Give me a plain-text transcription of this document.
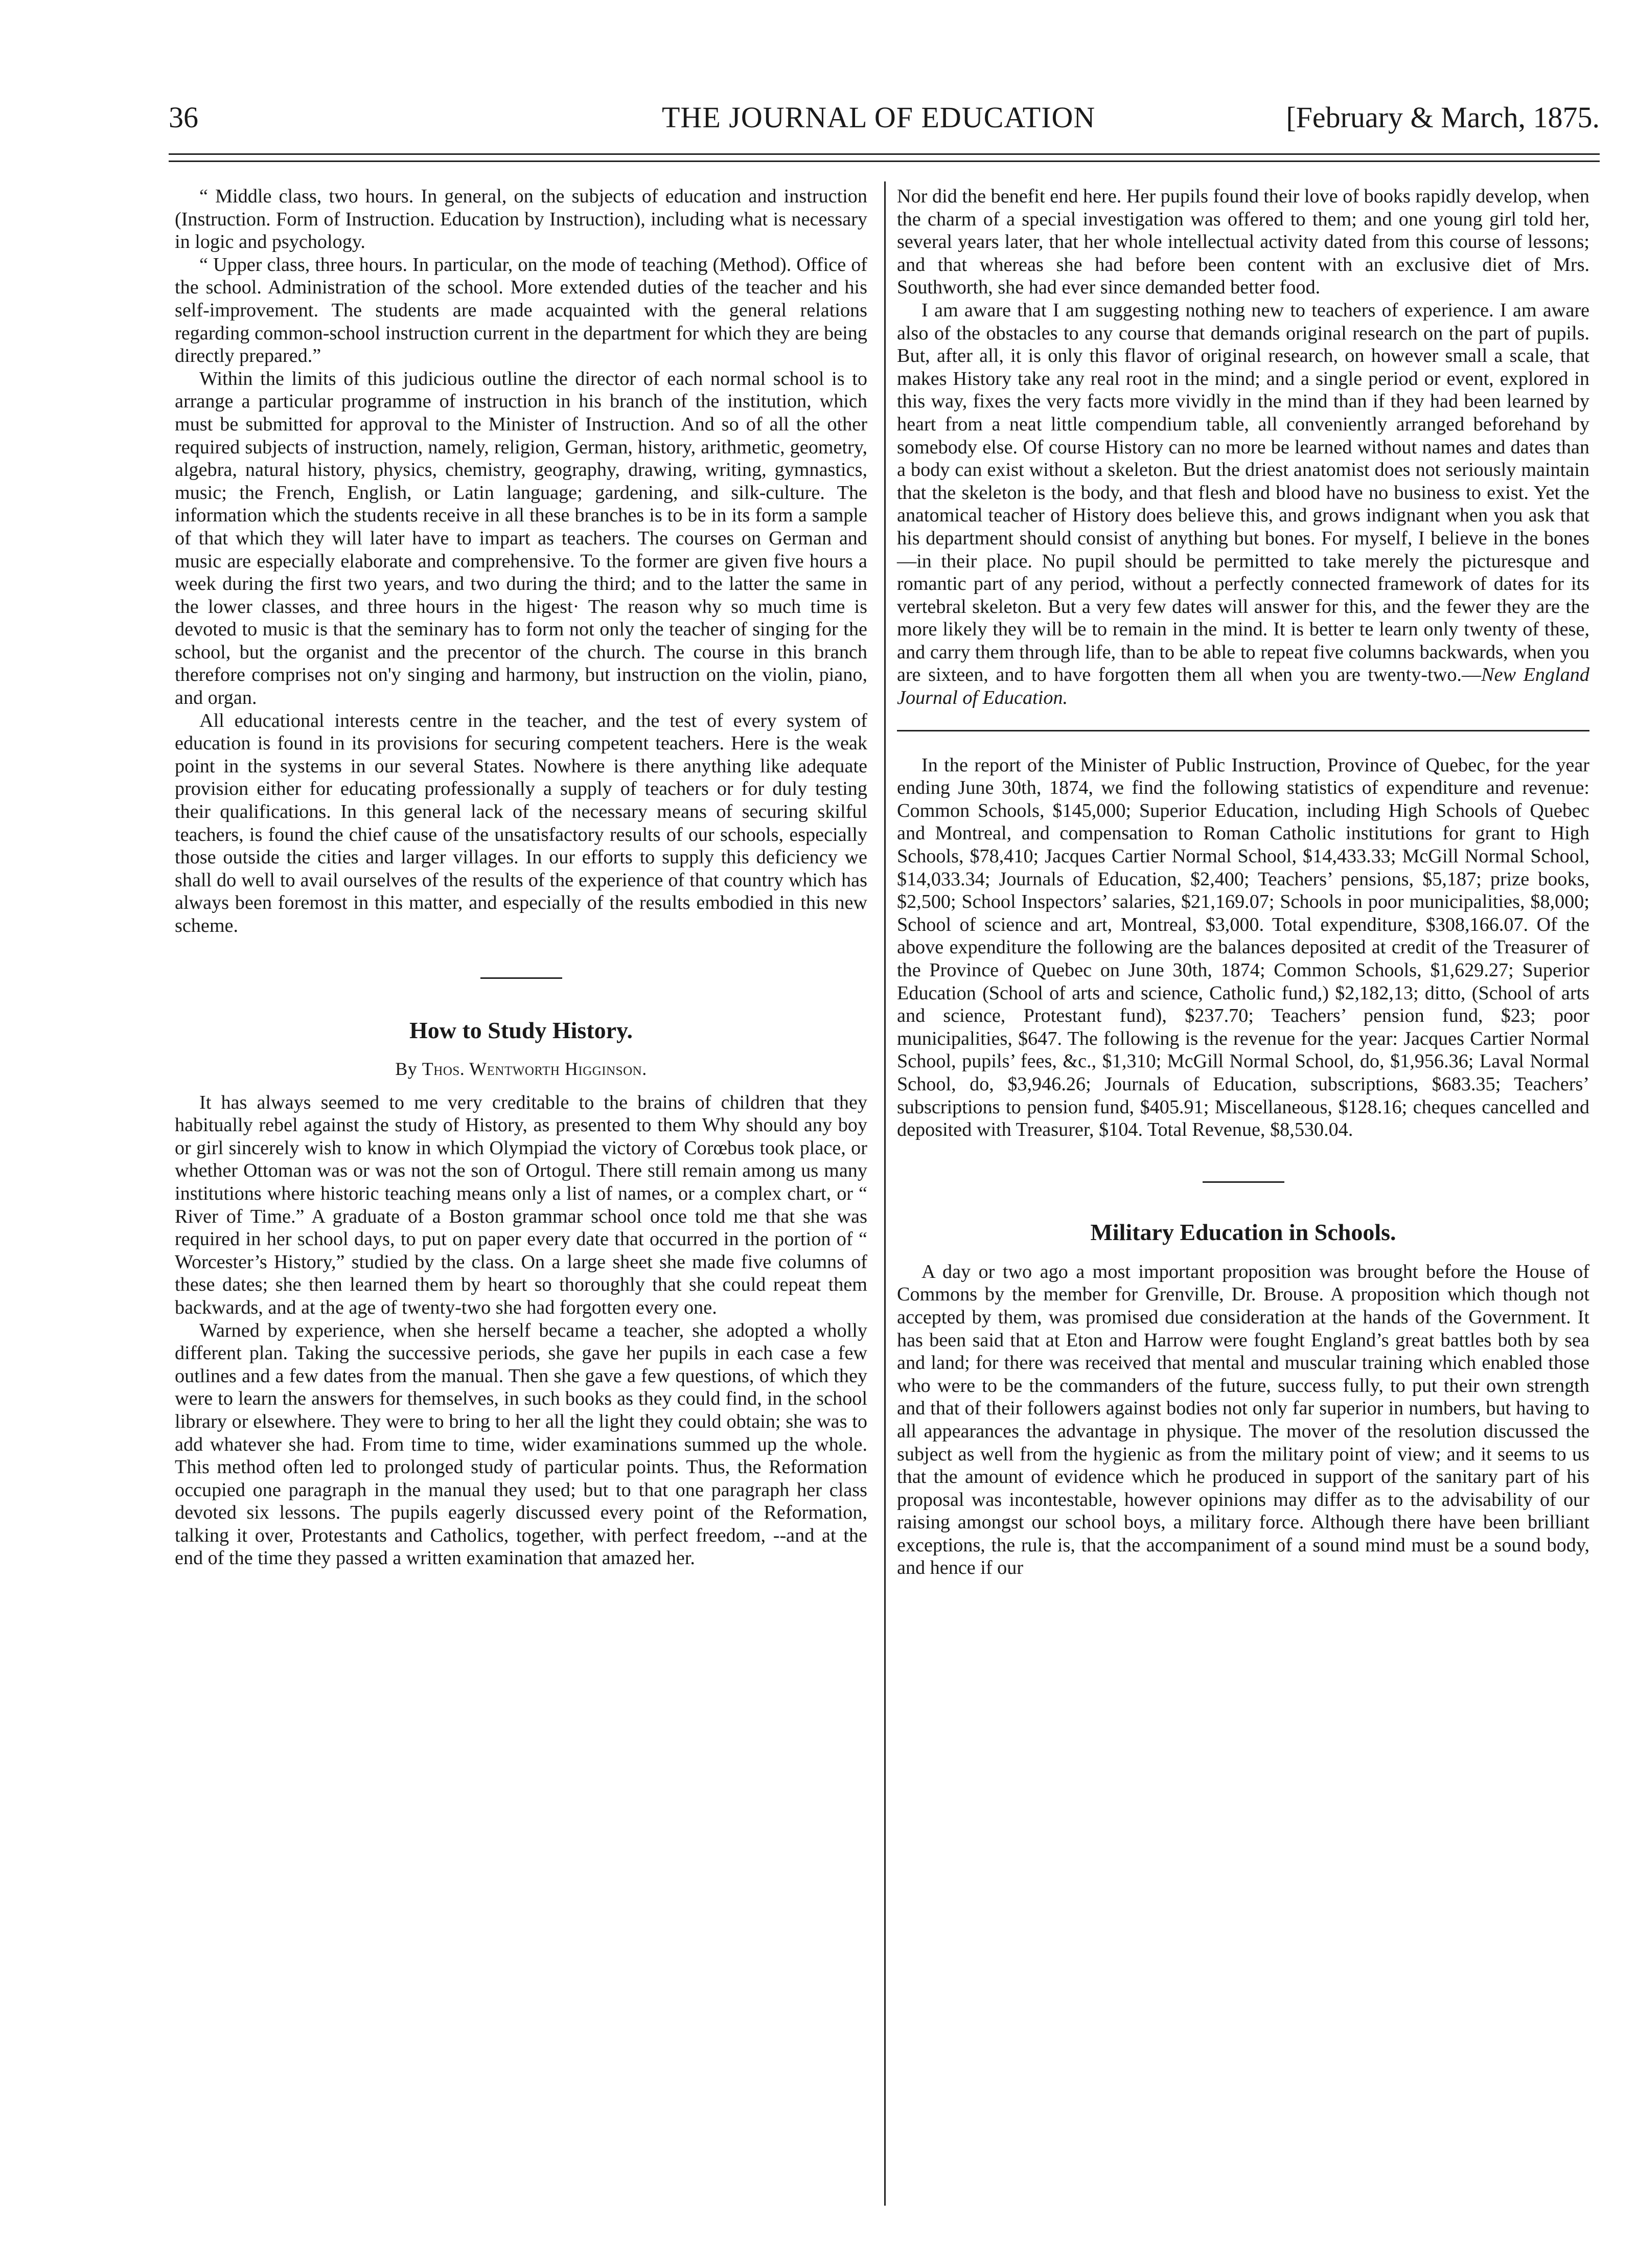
36	THE JOURNAL OF EDUCATION	[February & March, 1875.

“ Middle class, two hours. In general, on the subjects of education and instruction (Instruction. Form of Instruction. Education by Instruction), including what is necessary in logic and psychology.

“ Upper class, three hours. In particular, on the mode of teaching (Method). Office of the school. Administration of the school. More extended duties of the teacher and his self-improvement. The students are made acquainted with the general relations regarding common-school instruction current in the department for which they are being directly prepared.”

Within the limits of this judicious outline the director of each normal school is to arrange a particular programme of instruction in his branch of the institution, which must be submitted for approval to the Minister of Instruction. And so of all the other required subjects of instruction, namely, religion, German, history, arithmetic, geometry, algebra, natural history, physics, chemistry, geography, drawing, writing, gymnastics, music; the French, English, or Latin language; gardening, and silk-culture. The information which the students receive in all these branches is to be in its form a sample of that which they will later have to impart as teachers. The courses on German and music are especially elaborate and comprehensive. To the former are given five hours a week during the first two years, and two during the third; and to the latter the same in the lower classes, and three hours in the higest· The reason why so much time is devoted to music is that the seminary has to form not only the teacher of singing for the school, but the organist and the precentor of the church. The course in this branch therefore comprises not on'y singing and harmony, but instruction on the violin, piano, and organ.

All educational interests centre in the teacher, and the test of every system of education is found in its provisions for securing competent teachers. Here is the weak point in the systems in our several States. Nowhere is there anything like adequate provision either for educating professionally a supply of teachers or for duly testing their qualifications. In this general lack of the necessary means of securing skilful teachers, is found the chief cause of the unsatisfactory results of our schools, especially those outside the cities and larger villages. In our efforts to supply this deficiency we shall do well to avail ourselves of the results of the experience of that country which has always been foremost in this matter, and especially of the results embodied in this new scheme.

How to Study History.
By Thos. Wentworth Higginson.

It has always seemed to me very creditable to the brains of children that they habitually rebel against the study of History, as presented to them Why should any boy or girl sincerely wish to know in which Olympiad the victory of Corœbus took place, or whether Ottoman was or was not the son of Ortogul. There still remain among us many institutions where historic teaching means only a list of names, or a complex chart, or “ River of Time.” A graduate of a Boston grammar school once told me that she was required in her school days, to put on paper every date that occurred in the portion of “ Worcester’s History,” studied by the class. On a large sheet she made five columns of these dates; she then learned them by heart so thoroughly that she could repeat them backwards, and at the age of twenty-two she had forgotten every one.

Warned by experience, when she herself became a teacher, she adopted a wholly different plan. Taking the successive periods, she gave her pupils in each case a few outlines and a few dates from the manual. Then she gave a few questions, of which they were to learn the answers for themselves, in such books as they could find, in the school library or elsewhere. They were to bring to her all the light they could obtain; she was to add whatever she had. From time to time, wider examinations summed up the whole. This method often led to prolonged study of particular points. Thus, the Reformation occupied one paragraph in the manual they used; but to that one paragraph her class devoted six lessons. The pupils eagerly discussed every point of the Reformation, talking it over, Protestants and Catholics, together, with perfect freedom, --and at the end of the time they passed a written examination that amazed her.

Nor did the benefit end here. Her pupils found their love of books rapidly develop, when the charm of a special investigation was offered to them; and one young girl told her, several years later, that her whole intellectual activity dated from this course of lessons; and that whereas she had before been content with an exclusive diet of Mrs. Southworth, she had ever since demanded better food.

I am aware that I am suggesting nothing new to teachers of experience. I am aware also of the obstacles to any course that demands original research on the part of pupils. But, after all, it is only this flavor of original research, on however small a scale, that makes History take any real root in the mind; and a single period or event, explored in this way, fixes the very facts more vividly in the mind than if they had been learned by heart from a neat little compendium table, all conveniently arranged beforehand by somebody else. Of course History can no more be learned without names and dates than a body can exist without a skeleton. But the driest anatomist does not seriously maintain that the skeleton is the body, and that flesh and blood have no business to exist. Yet the anatomical teacher of History does believe this, and grows indignant when you ask that his department should consist of anything but bones. For myself, I believe in the bones—in their place. No pupil should be permitted to take merely the picturesque and romantic part of any period, without a perfectly connected framework of dates for its vertebral skeleton. But a very few dates will answer for this, and the fewer they are the more likely they will be to remain in the mind. It is better te learn only twenty of these, and carry them through life, than to be able to repeat five columns backwards, when you are sixteen, and to have forgotten them all when you are twenty-two.—New England Journal of Education.

In the report of the Minister of Public Instruction, Province of Quebec, for the year ending June 30th, 1874, we find the following statistics of expenditure and revenue: Common Schools, $145,000; Superior Education, including High Schools of Quebec and Montreal, and compensation to Roman Catholic institutions for grant to High Schools, $78,410; Jacques Cartier Normal School, $14,433.33; McGill Normal School, $14,033.34; Journals of Education, $2,400; Teachers’ pensions, $5,187; prize books, $2,500; School Inspectors’ salaries, $21,169.07; Schools in poor municipalities, $8,000; School of science and art, Montreal, $3,000. Total expenditure, $308,166.07. Of the above expenditure the following are the balances deposited at credit of the Treasurer of the Province of Quebec on June 30th, 1874; Common Schools, $1,629.27; Superior Education (School of arts and science, Catholic fund,) $2,182,13; ditto, (School of arts and science, Protestant fund), $237.70; Teachers’ pension fund, $23; poor municipalities, $647. The following is the revenue for the year: Jacques Cartier Normal School, pupils’ fees, &c., $1,310; McGill Normal School, do, $1,956.36; Laval Normal School, do, $3,946.26; Journals of Education, subscriptions, $683.35; Teachers’ subscriptions to pension fund, $405.91; Miscellaneous, $128.16; cheques cancelled and deposited with Treasurer, $104. Total Revenue, $8,530.04.

Military Education in Schools.

A day or two ago a most important proposition was brought before the House of Commons by the member for Grenville, Dr. Brouse. A proposition which though not accepted by them, was promised due consideration at the hands of the Government. It has been said that at Eton and Harrow were fought England’s great battles both by sea and land; for there was received that mental and muscular training which enabled those who were to be the commanders of the future, success fully, to put their own strength and that of their followers against bodies not only far superior in numbers, but having to all appearances the advantage in physique. The mover of the resolution discussed the subject as well from the hygienic as from the military point of view; and it seems to us that the amount of evidence which he produced in support of the sanitary part of his proposal was incontestable, however opinions may differ as to the advisability of our raising amongst our school boys, a military force. Although there have been brilliant exceptions, the rule is, that the accompaniment of a sound mind must be a sound body, and hence if our
